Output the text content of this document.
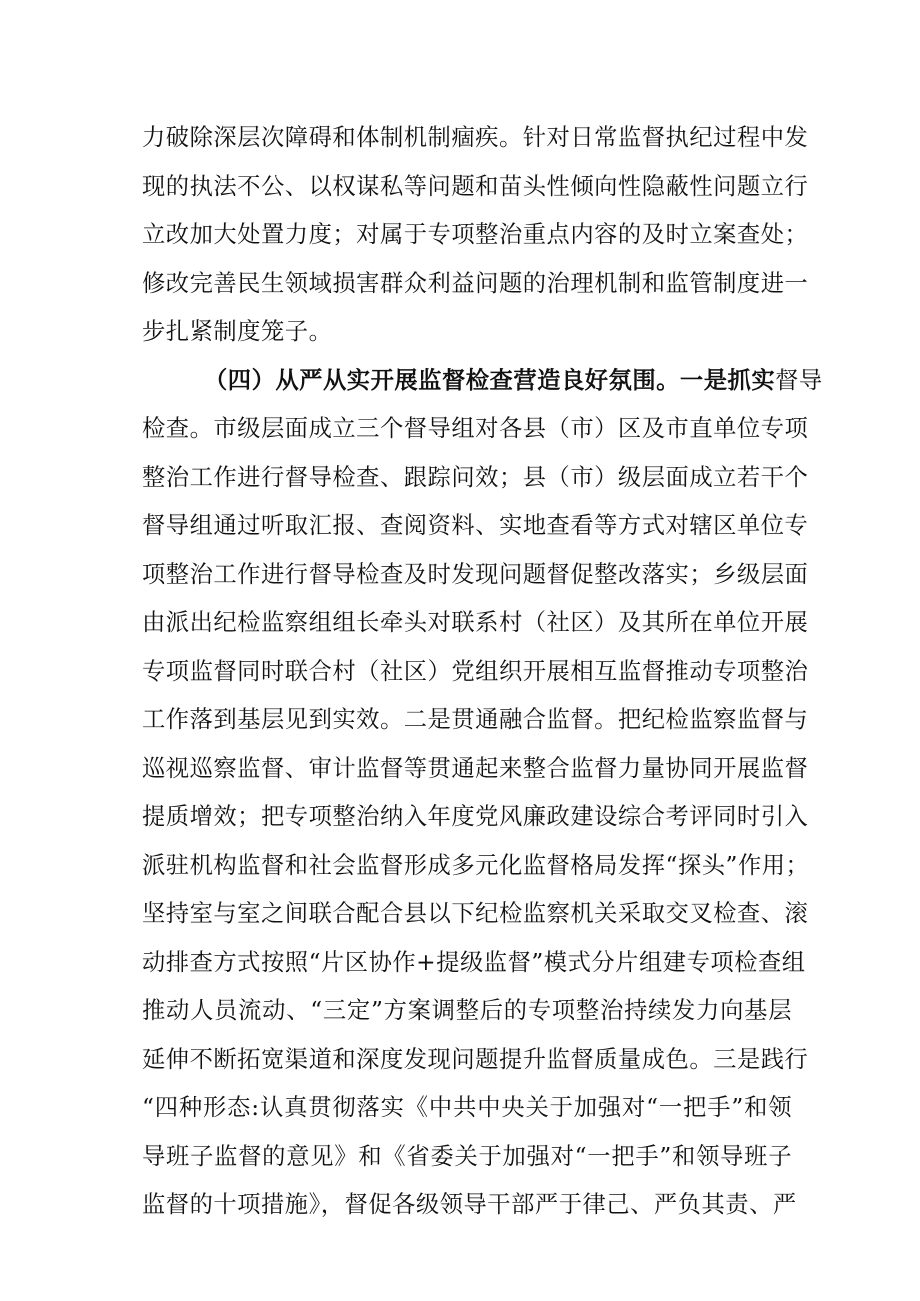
力破除深层次障碍和体制机制痼疾。针对日常监督执纪过程中发
现的执法不公、以权谋私等问题和苗头性倾向性隐蔽性问题立行
立改加大处置力度；对属于专项整治重点内容的及时立案查处；
修改完善民生领域损害群众利益问题的治理机制和监管制度进一
步扎紧制度笼子。
（四）从严从实开展监督检查营造良好氛围。一是抓实督导
检查。市级层面成立三个督导组对各县（市）区及市直单位专项
整治工作进行督导检查、跟踪问效；县（市）级层面成立若干个
督导组通过听取汇报、查阅资料、实地查看等方式对辖区单位专
项整治工作进行督导检查及时发现问题督促整改落实；乡级层面
由派出纪检监察组组长牵头对联系村（社区）及其所在单位开展
专项监督同时联合村（社区）党组织开展相互监督推动专项整治
工作落到基层见到实效。二是贯通融合监督。把纪检监察监督与
巡视巡察监督、审计监督等贯通起来整合监督力量协同开展监督
提质增效；把专项整治纳入年度党风廉政建设综合考评同时引入
派驻机构监督和社会监督形成多元化监督格局发挥“探头”作用；
坚持室与室之间联合配合县以下纪检监察机关采取交叉检查、滚
动排查方式按照“片区协作+提级监督”模式分片组建专项检查组
推动人员流动、“三定”方案调整后的专项整治持续发力向基层
延伸不断拓宽渠道和深度发现问题提升监督质量成色。三是践行
“四种形态:认真贯彻落实《中共中央关于加强对“一把手”和领
导班子监督的意见》和《省委关于加强对“一把手”和领导班子
监督的十项措施》，督促各级领导干部严于律己、严负其责、严
